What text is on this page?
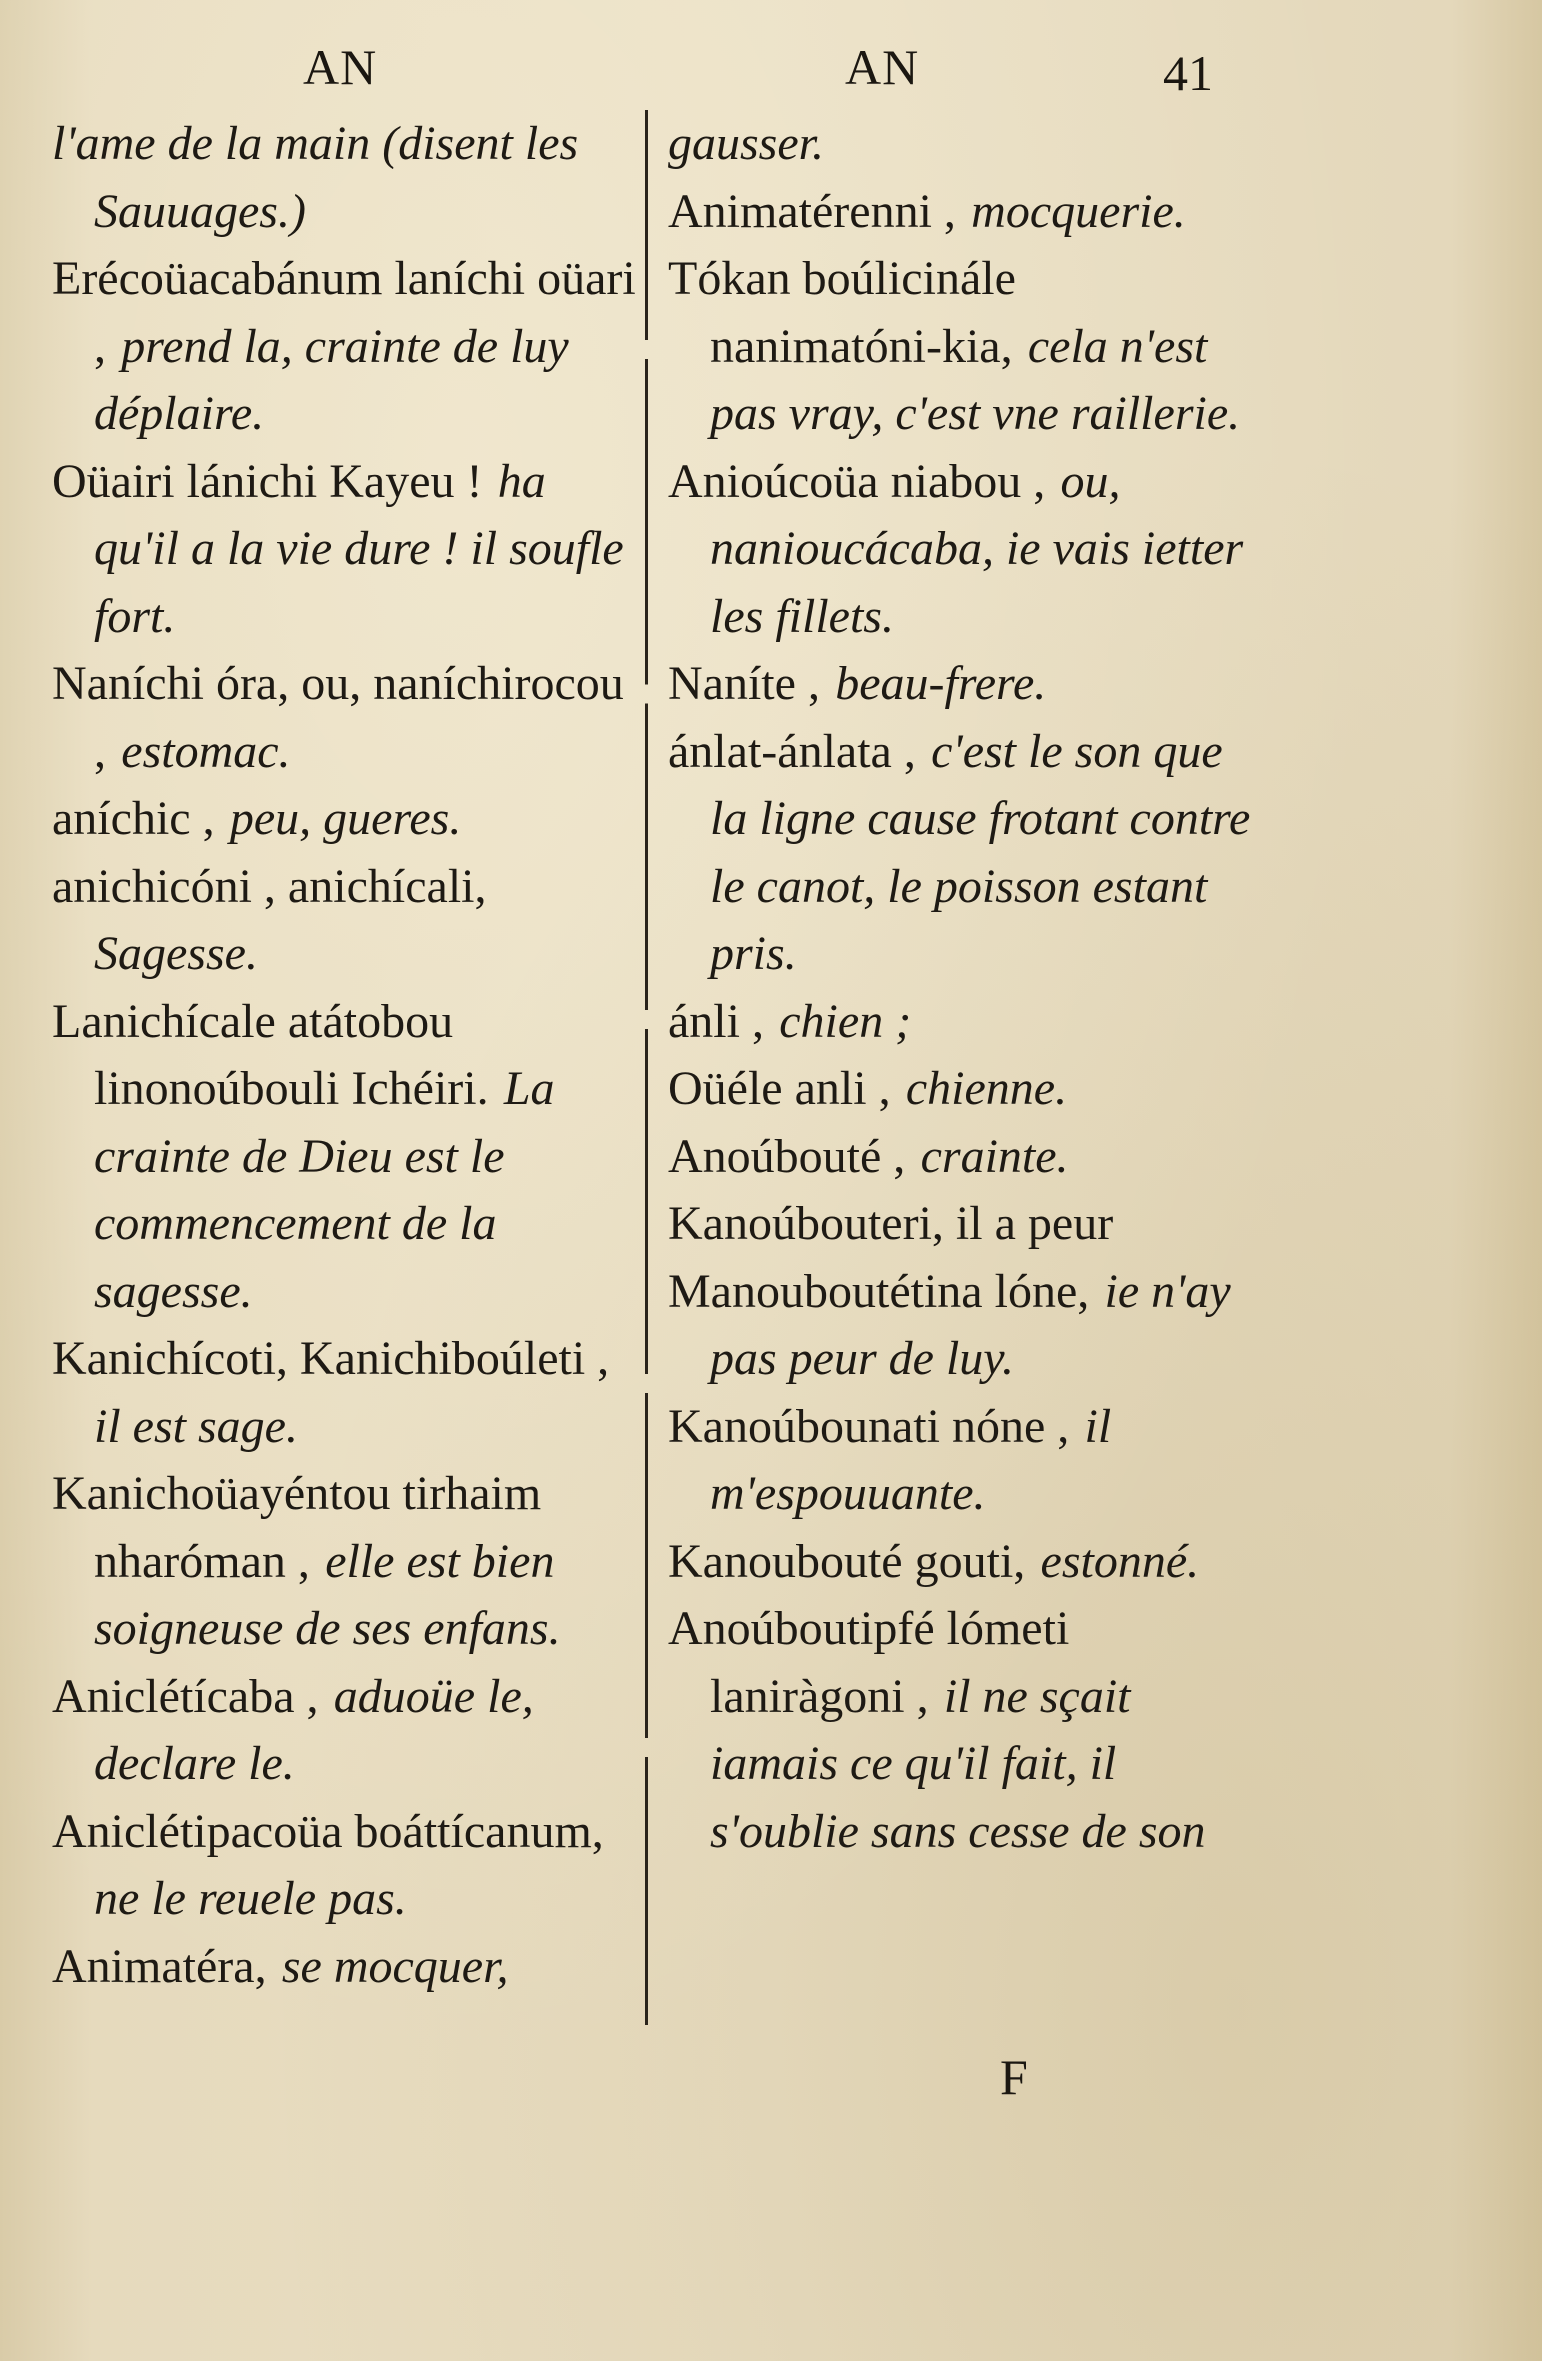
AN	AN	41

l'ame de la main (disent les Sauuages.)

Erécoüacabánum laníchi oüari , prend la, crainte de luy déplaire.

Oüairi lánichi Kayeu ! ha qu'il a la vie dure ! il soufle fort.

Naníchi óra, ou, naníchirocou , estomac.

aníchic , peu, gueres.

anichicóni , anichícali, Sagesse.

Lanichícale atátobou linonoúbouli Ichéiri. La crainte de Dieu est le commencement de la sagesse.

Kanichícoti, Kanichiboúleti , il est sage.

Kanichoüayéntou tirhaim nharóman , elle est bien soigneuse de ses enfans.

Aniclétícaba , aduoüe le, declare le.

Aniclétipacoüa boáttícanum, ne le reuele pas.

Animatéra, se mocquer,

gausser.

Animatérenni , mocquerie.

Tókan boúlicinále nanimatóni-kia, cela n'est pas vray, c'est vne raillerie.

Anioúcoüa niabou , ou, nanioucácaba, ie vais ietter les fillets.

Naníte , beau-frere.

ánlat-ánlata , c'est le son que la ligne cause frotant contre le canot, le poisson estant pris.

ánli , chien ;

Oüéle anli , chienne.

Anoúbouté , crainte.

Kanoúbouteri, il a peur

Manouboutétina lóne, ie n'ay pas peur de luy.

Kanoúbounati nóne , il m'espouuante.

Kanoubouté gouti, estonné.

Anoúboutipfé lómeti laniràgoni , il ne sçait iamais ce qu'il fait, il s'oublie sans cesse de son

F
